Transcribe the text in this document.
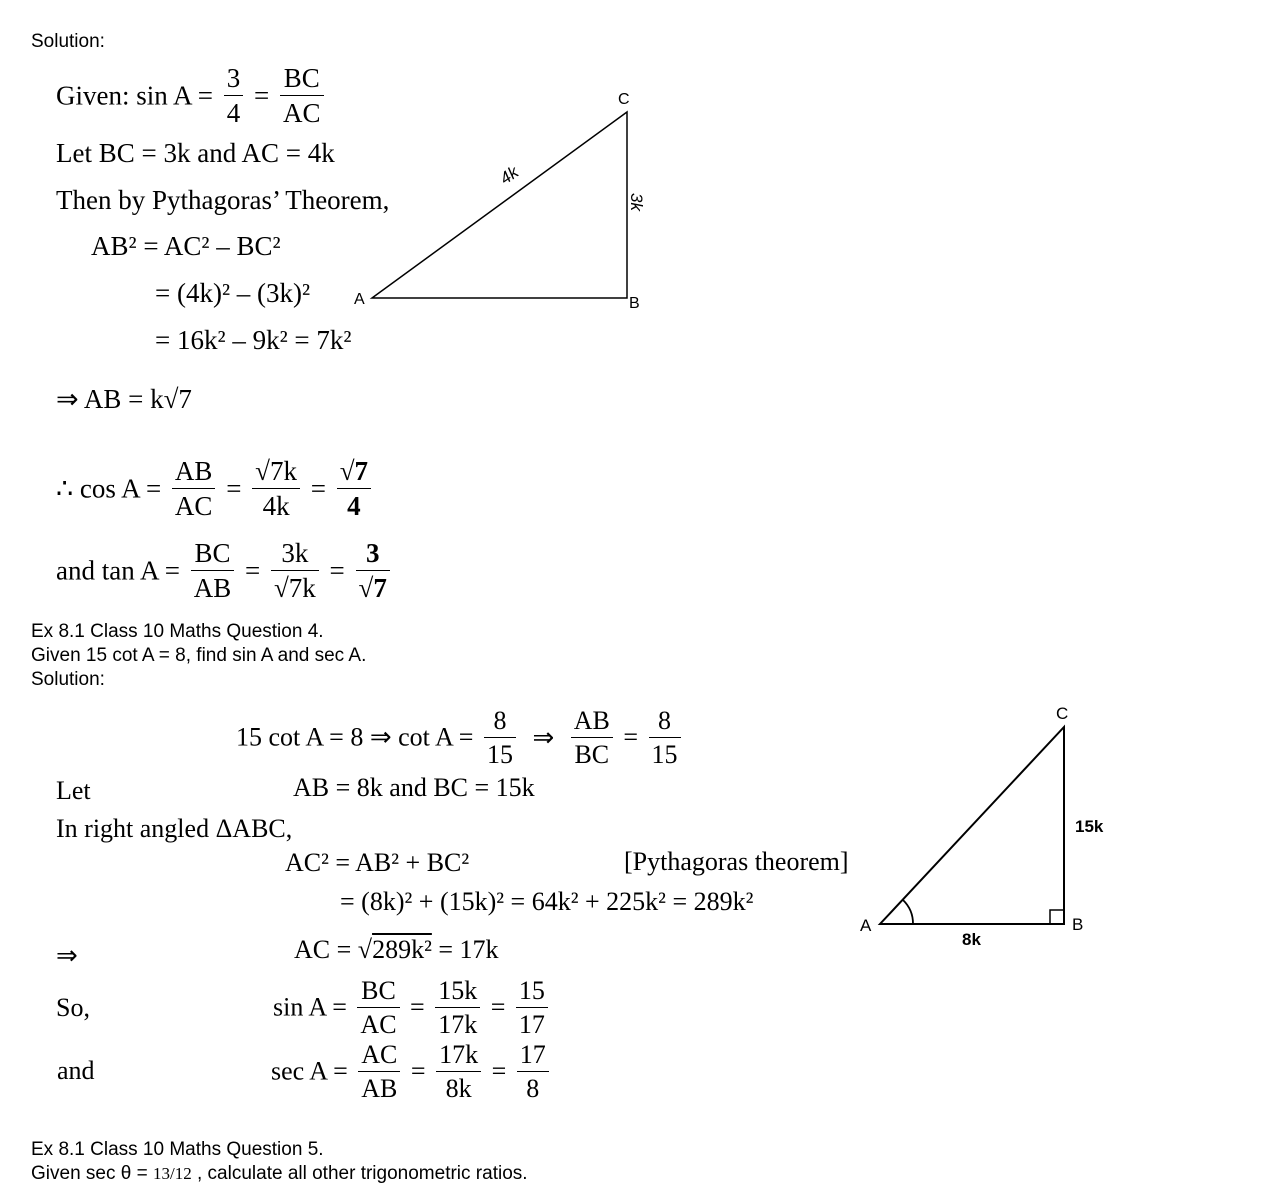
Solution:
Given: $\sin A = \frac{3}{4} = \frac{BC}{AC}$
Let BC = 3k and AC = 4k
Then by Pythagoras’ Theorem,
AB² = AC² – BC²
= (4k)² – (3k)²
= 16k² – 9k² = 7k²
⇒ AB = k√7
∴ $\cos A = \frac{AB}{AC} = \frac{√7k}{4k} = \frac{√7}{4}$
and $\tan A = \frac{BC}{AB} = \frac{3k}{√7k} = \frac{3}{√7}$
A	B
C
4k
3k
Ex 8.1 Class 10 Maths Question 4.
Given 15 cot A = 8, find sin A and sec A.
Solution:
15 cot A = 8 ⇒ $\cot A = \frac{8}{15}$ ⇒ $\frac{AB}{BC} = \frac{8}{15}$
Let	AB = 8k and BC = 15k
In right angled ΔABC,
AC² = AB² + BC²	[Pythagoras theorem]
= (8k)² + (15k)² = 64k² + 225k² = 289k²
⇒	AC = √289k² = 17k
So,	$\sin A = \frac{BC}{AC} = \frac{15k}{17k} = \frac{15}{17}$
and	$\sec A = \frac{AC}{AB} = \frac{17k}{8k} = \frac{17}{8}$
A	B
C
8k
15k
Ex 8.1 Class 10 Maths Question 5.
Given sec θ = 13/12 , calculate all other trigonometric ratios.
